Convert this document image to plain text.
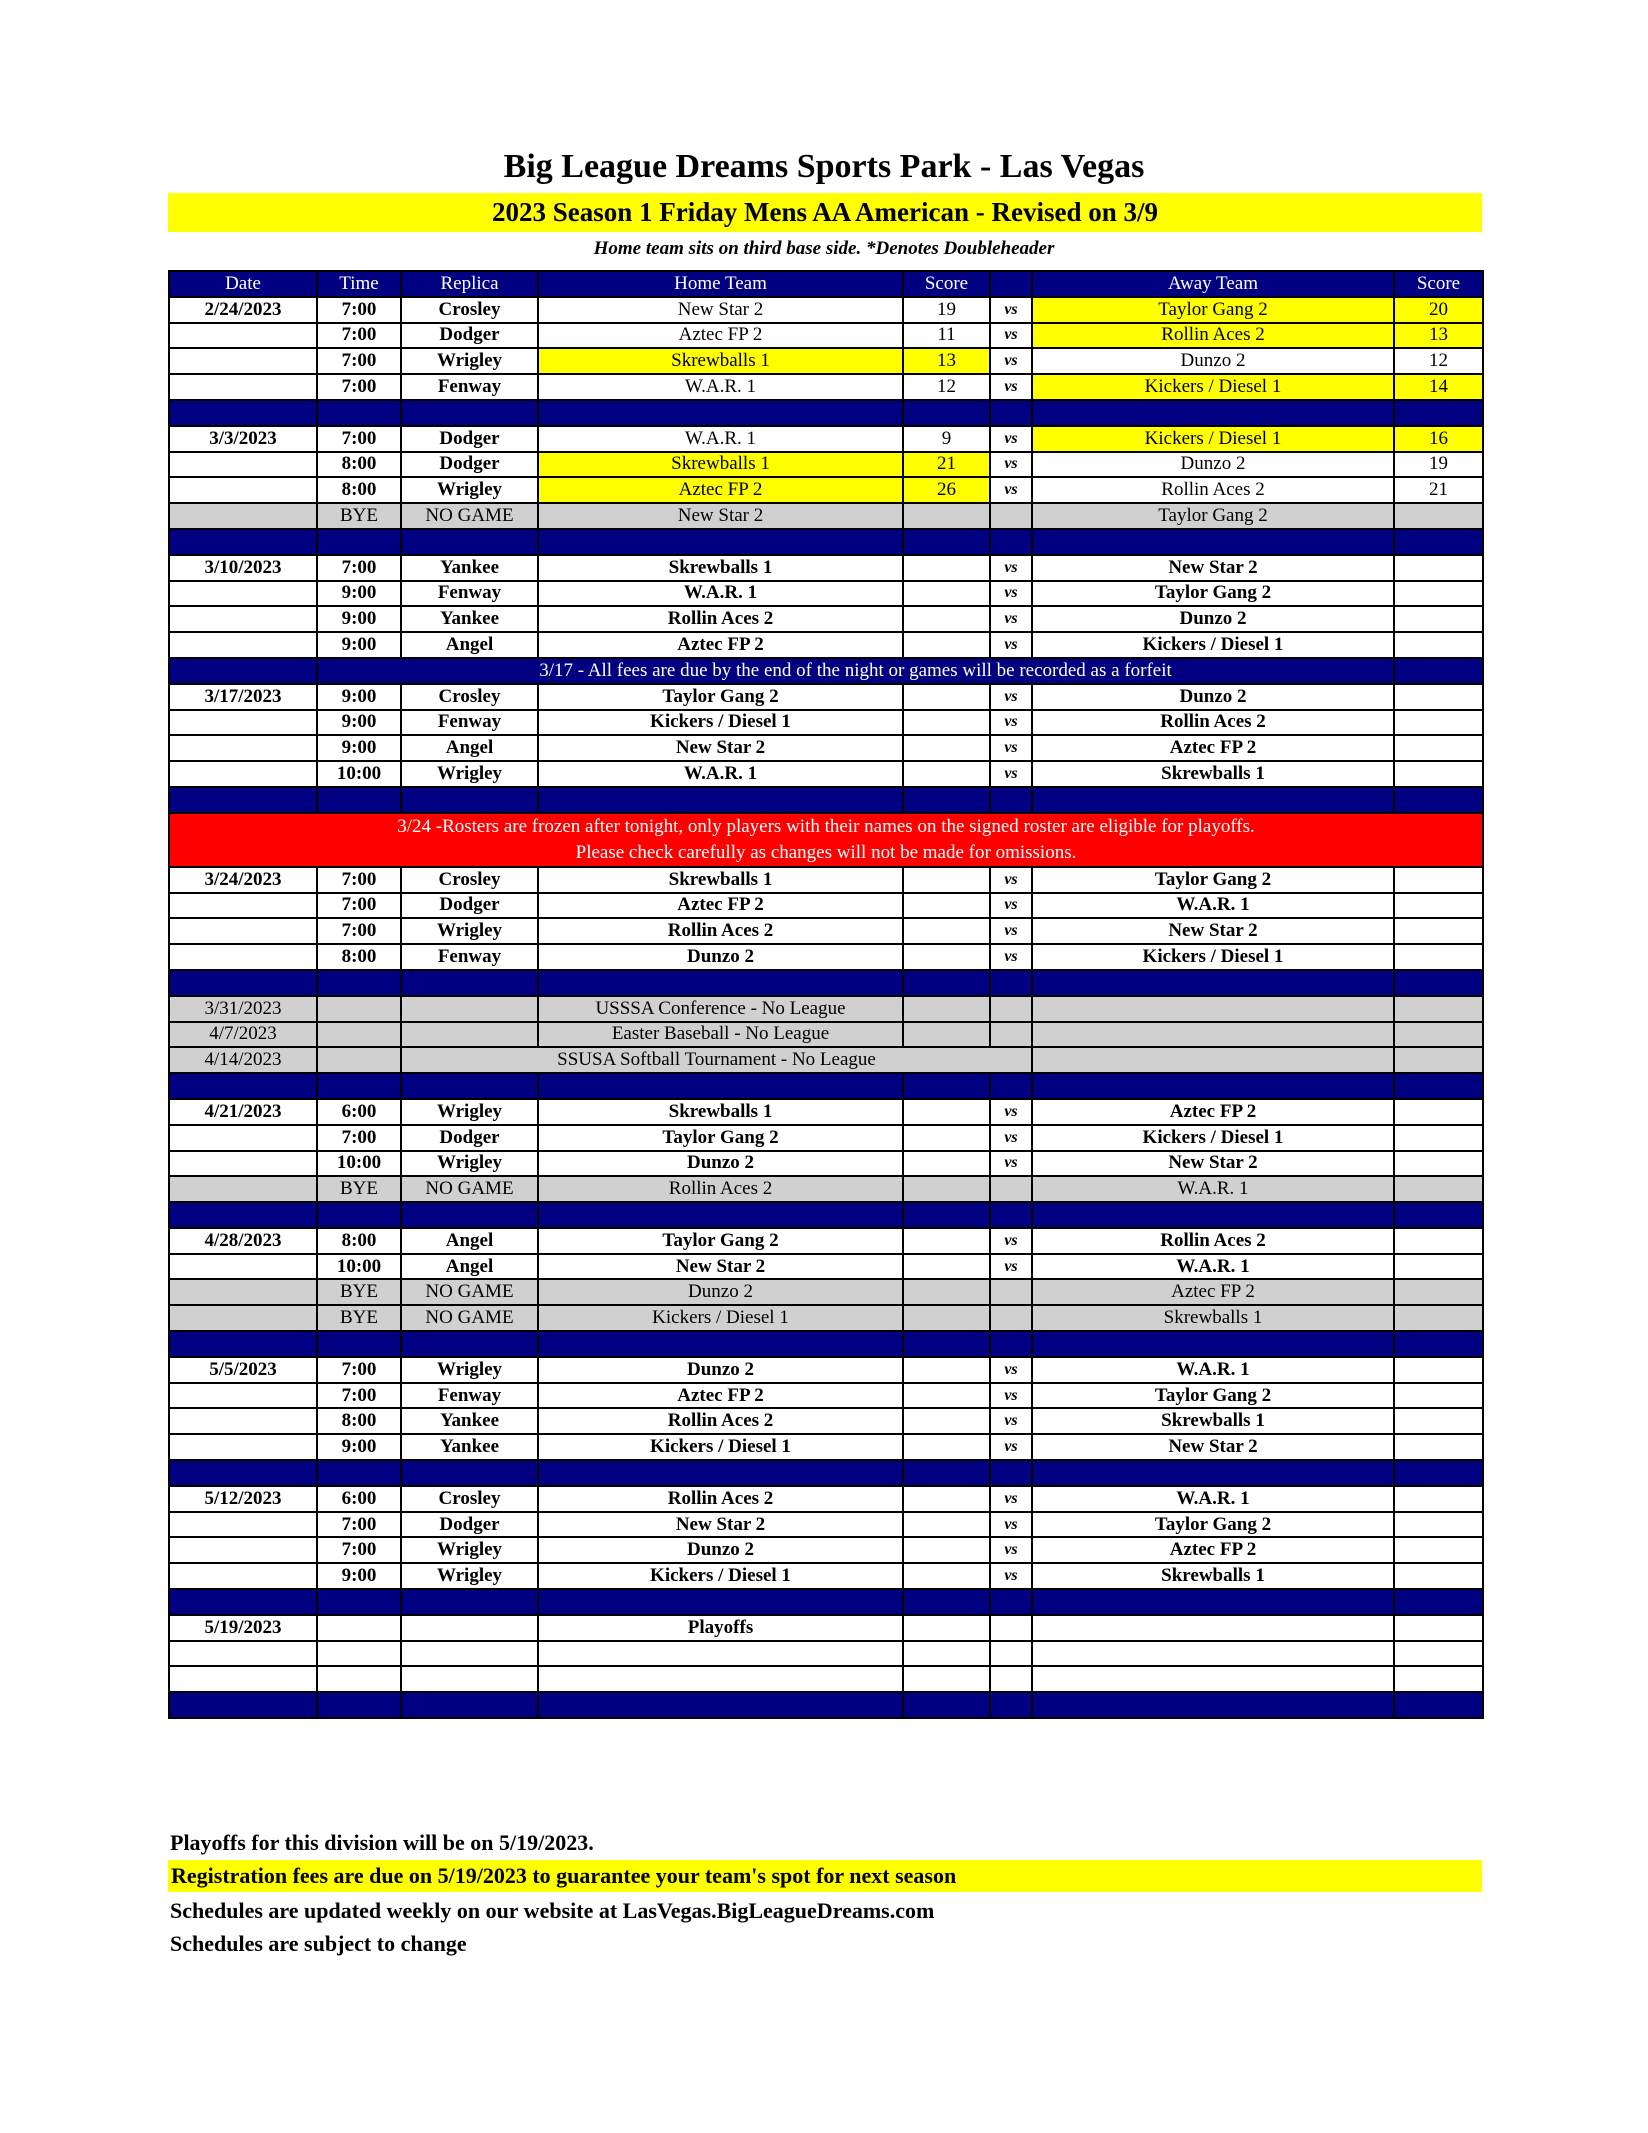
Big League Dreams Sports Park - Las Vegas
2023 Season 1 Friday Mens AA American - Revised on 3/9
Home team sits on third base side. *Denotes Doubleheader
Date	Time	Replica	Home Team	Score		Away Team	Score	
2/24/2023	7:00	Crosley	New Star 2	19	vs	Taylor Gang 2	20	
	7:00	Dodger	Aztec FP 2	11	vs	Rollin Aces 2	13	
	7:00	Wrigley	Skrewballs 1	13	vs	Dunzo 2	12	
	7:00	Fenway	W.A.R. 1	12	vs	Kickers / Diesel 1	14	

3/3/2023	7:00	Dodger	W.A.R. 1	9	vs	Kickers / Diesel 1	16	
	8:00	Dodger	Skrewballs 1	21	vs	Dunzo 2	19	
	8:00	Wrigley	Aztec FP 2	26	vs	Rollin Aces 2	21	
	BYE	NO GAME	New Star 2			Taylor Gang 2		

3/10/2023	7:00	Yankee	Skrewballs 1		vs	New Star 2		
	9:00	Fenway	W.A.R. 1		vs	Taylor Gang 2		
	9:00	Yankee	Rollin Aces 2		vs	Dunzo 2		
	9:00	Angel	Aztec FP 2		vs	Kickers / Diesel 1		
	3/17 - All fees are due by the end of the night or games will be recorded as a forfeit							
3/17/2023	9:00	Crosley	Taylor Gang 2		vs	Dunzo 2		
	9:00	Fenway	Kickers / Diesel 1		vs	Rollin Aces 2		
	9:00	Angel	New Star 2		vs	Aztec FP 2		
	10:00	Wrigley	W.A.R. 1		vs	Skrewballs 1		

3/24 -Rosters are frozen after tonight, only players with their names on the signed roster are eligible for playoffs.
Please check carefully as changes will not be made for omissions.								

3/24/2023	7:00	Crosley	Skrewballs 1		vs	Taylor Gang 2		
	7:00	Dodger	Aztec FP 2		vs	W.A.R. 1		
	7:00	Wrigley	Rollin Aces 2		vs	New Star 2		
	8:00	Fenway	Dunzo 2		vs	Kickers / Diesel 1		

3/31/2023			USSSA Conference - No League					
4/7/2023			Easter Baseball - No League					
4/14/2023		SSUSA Softball Tournament - No League						

4/21/2023	6:00	Wrigley	Skrewballs 1		vs	Aztec FP 2		
	7:00	Dodger	Taylor Gang 2		vs	Kickers / Diesel 1		
	10:00	Wrigley	Dunzo 2		vs	New Star 2		
	BYE	NO GAME	Rollin Aces 2			W.A.R. 1		

4/28/2023	8:00	Angel	Taylor Gang 2		vs	Rollin Aces 2		
	10:00	Angel	New Star 2		vs	W.A.R. 1		
	BYE	NO GAME	Dunzo 2			Aztec FP 2		
	BYE	NO GAME	Kickers / Diesel 1			Skrewballs 1		

5/5/2023	7:00	Wrigley	Dunzo 2		vs	W.A.R. 1		
	7:00	Fenway	Aztec FP 2		vs	Taylor Gang 2		
	8:00	Yankee	Rollin Aces 2		vs	Skrewballs 1		
	9:00	Yankee	Kickers / Diesel 1		vs	New Star 2		

5/12/2023	6:00	Crosley	Rollin Aces 2		vs	W.A.R. 1		
	7:00	Dodger	New Star 2		vs	Taylor Gang 2		
	7:00	Wrigley	Dunzo 2		vs	Aztec FP 2		
	9:00	Wrigley	Kickers / Diesel 1		vs	Skrewballs 1		

5/19/2023			Playoffs					

Playoffs for this division will be on 5/19/2023.
Registration fees are due on 5/19/2023 to guarantee your team's spot for next season
Schedules are updated weekly on our website at LasVegas.BigLeagueDreams.com
Schedules are subject to change
